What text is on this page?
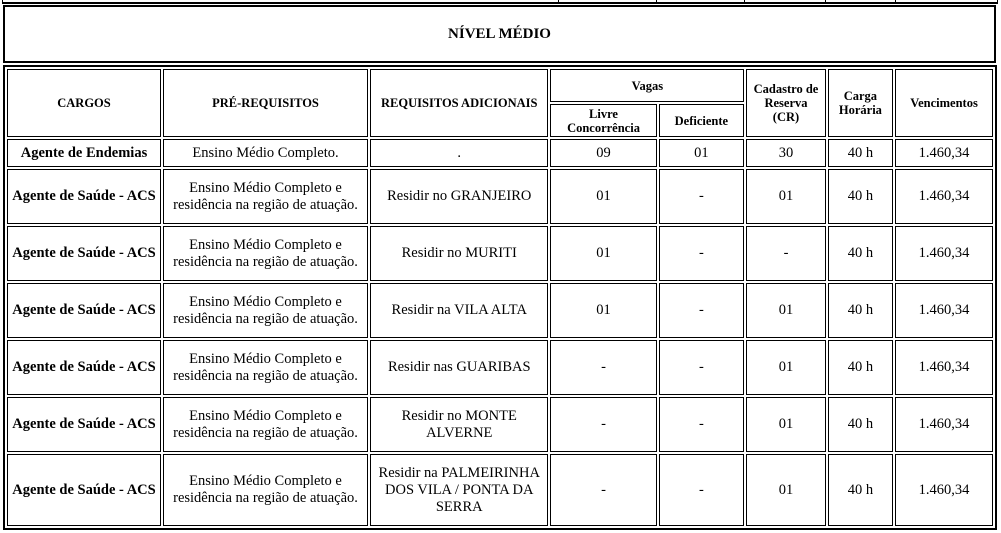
NÍVEL MÉDIO
CARGOS	PRÉ-REQUISITOS	REQUISITOS ADICIONAIS	Vagas		Cadastro de Reserva (CR)	Carga Horária	Vencimentos
			Livre Concorrência	Deficiente			
Agente de Endemias	Ensino Médio Completo.	.	09	01	30	40 h	1.460,34
Agente de Saúde - ACS	Ensino Médio Completo e residência na região de atuação.	Residir no GRANJEIRO	01	-	01	40 h	1.460,34
Agente de Saúde - ACS	Ensino Médio Completo e residência na região de atuação.	Residir no MURITI	01	-	-	40 h	1.460,34
Agente de Saúde - ACS	Ensino Médio Completo e residência na região de atuação.	Residir na VILA ALTA	01	-	01	40 h	1.460,34
Agente de Saúde - ACS	Ensino Médio Completo e residência na região de atuação.	Residir nas GUARIBAS	-	-	01	40 h	1.460,34
Agente de Saúde - ACS	Ensino Médio Completo e residência na região de atuação.	Residir no MONTE ALVERNE	-	-	01	40 h	1.460,34
Agente de Saúde - ACS	Ensino Médio Completo e residência na região de atuação.	Residir na PALMEIRINHA DOS VILA / PONTA DA SERRA	-	-	01	40 h	1.460,34
